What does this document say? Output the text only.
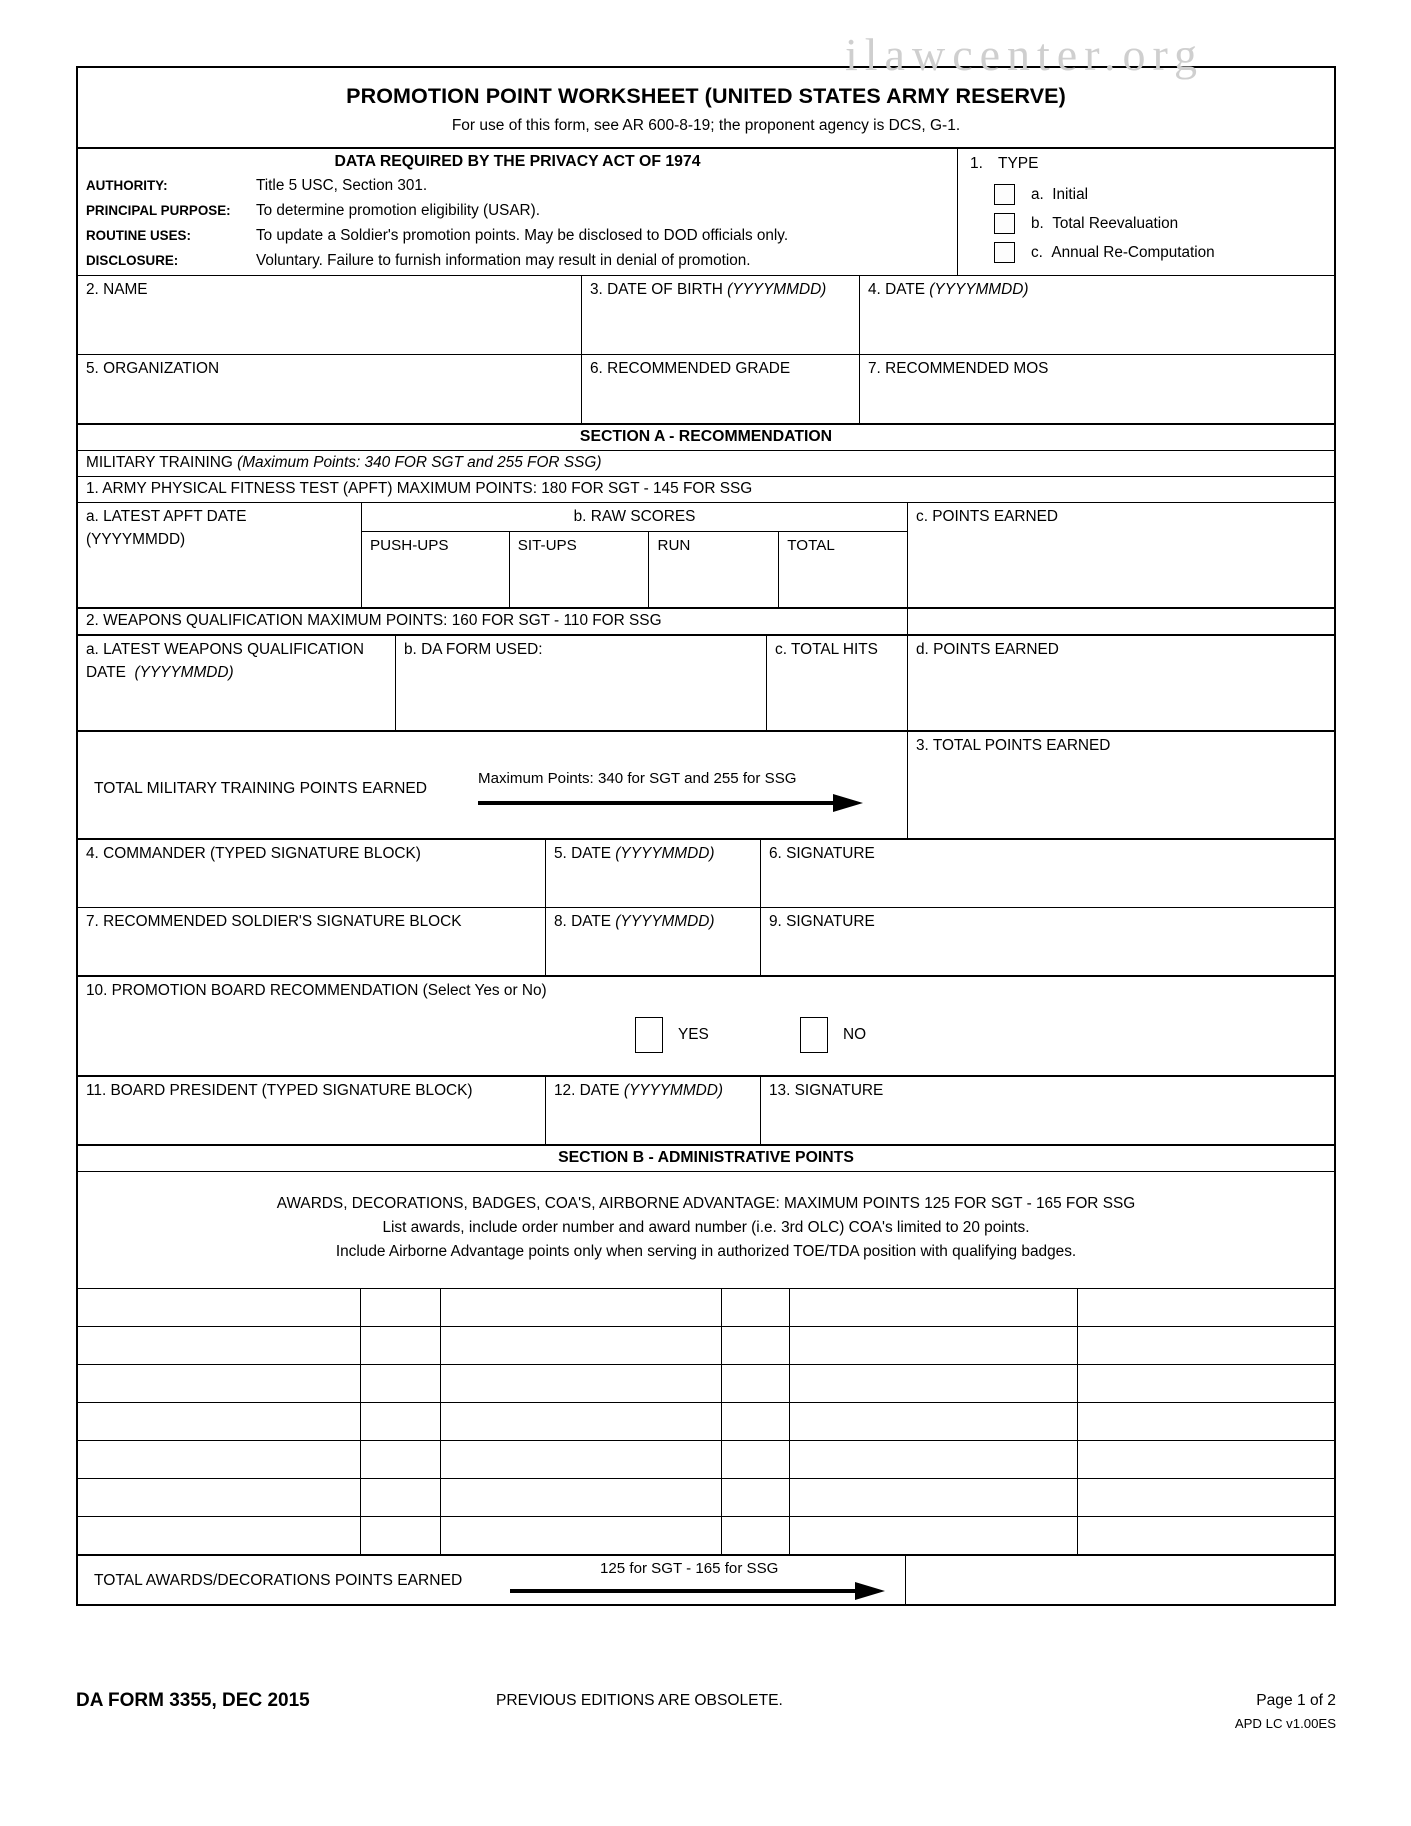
ilawcenter.org
PROMOTION POINT WORKSHEET (UNITED STATES ARMY RESERVE)
For use of this form, see AR 600-8-19; the proponent agency is DCS, G-1.
DATA REQUIRED BY THE PRIVACY ACT OF 1974
AUTHORITY:	Title 5 USC, Section 301.
PRINCIPAL PURPOSE:	To determine promotion eligibility (USAR).
ROUTINE USES:	To update a Soldier's promotion points. May be disclosed to DOD officials only.
DISCLOSURE:	Voluntary. Failure to furnish information may result in denial of promotion.
1. TYPE
a.
Initial
b.
Total Reevaluation
c.
Annual Re-Computation
2. NAME	3. DATE OF BIRTH (YYYYMMDD)	4. DATE (YYYYMMDD)
5. ORGANIZATION	6. RECOMMENDED GRADE	7. RECOMMENDED MOS
SECTION A - RECOMMENDATION
MILITARY TRAINING (Maximum Points: 340 FOR SGT and 255 FOR SSG)
1. ARMY PHYSICAL FITNESS TEST (APFT) MAXIMUM POINTS: 180 FOR SGT - 145 FOR SSG
a. LATEST APFT DATE
(YYYYMMDD)
b. RAW SCORES
PUSH-UPS	SIT-UPS	RUN	TOTAL
c. POINTS EARNED
2. WEAPONS QUALIFICATION MAXIMUM POINTS: 160 FOR SGT - 110 FOR SSG
a. LATEST WEAPONS QUALIFICATION
DATE (YYYYMMDD)
b. DA FORM USED:	c. TOTAL HITS	d. POINTS EARNED
TOTAL MILITARY TRAINING POINTS EARNED
Maximum Points: 340 for SGT and 255 for SSG
3. TOTAL POINTS EARNED
4. COMMANDER (TYPED SIGNATURE BLOCK)	5. DATE (YYYYMMDD)	6. SIGNATURE
7. RECOMMENDED SOLDIER'S SIGNATURE BLOCK	8. DATE (YYYYMMDD)	9. SIGNATURE
10. PROMOTION BOARD RECOMMENDATION (Select Yes or No)
YES	NO
11. BOARD PRESIDENT (TYPED SIGNATURE BLOCK)	12. DATE (YYYYMMDD)	13. SIGNATURE
SECTION B - ADMINISTRATIVE POINTS
AWARDS, DECORATIONS, BADGES, COA'S, AIRBORNE ADVANTAGE: MAXIMUM POINTS 125 FOR SGT - 165 FOR SSG
List awards, include order number and award number (i.e. 3rd OLC) COA's limited to 20 points.
Include Airborne Advantage points only when serving in authorized TOE/TDA position with qualifying badges.
TOTAL AWARDS/DECORATIONS POINTS EARNED
125 for SGT - 165 for SSG
DA FORM 3355, DEC 2015	PREVIOUS EDITIONS ARE OBSOLETE.	Page 1 of 2
APD LC v1.00ES
